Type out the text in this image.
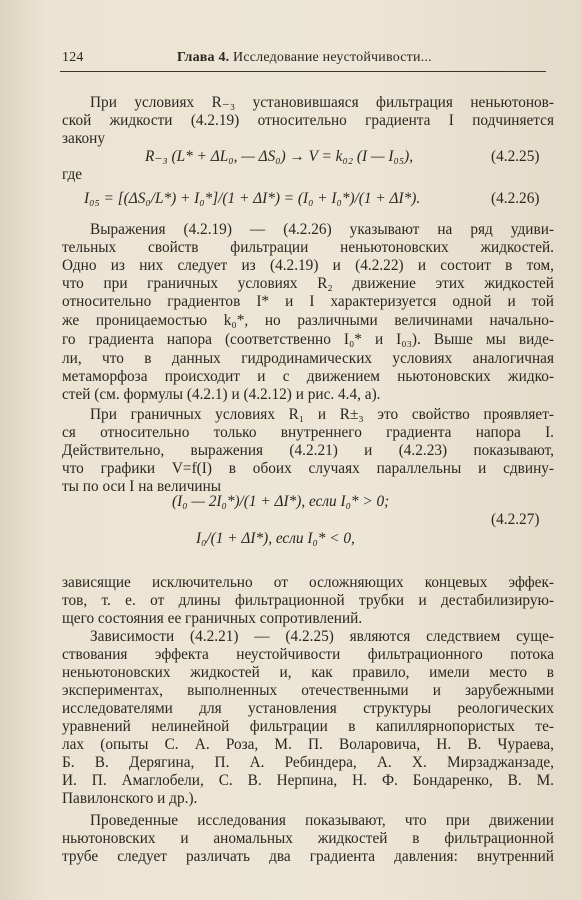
124	Глава 4. Исследование неустойчивости...
При условиях R₋₃ установившаяся фильтрация неньютонов-
ской жидкости (4.2.19) относительно градиента I подчиняется
закону
R₋₃ (L* + ΔL₀, — ΔS₀) → V = k₀₂ (I — I₀₅),	(4.2.25)
где
I₀₅ = [(ΔS₀/L*) + I₀*]/(1 + ΔI*) = (I₀ + I₀*)/(1 + ΔI*).	(4.2.26)
Выражения (4.2.19) — (4.2.26) указывают на ряд удиви-
тельных свойств фильтрации неньютоновских жидкостей.
Одно из них следует из (4.2.19) и (4.2.22) и состоит в том,
что при граничных условиях R₂ движение этих жидкостей
относительно градиентов I* и I характеризуется одной и той
же проницаемостью k₀*, но различными величинами начально-
го градиента напора (соответственно I₀* и I₀₃). Выше мы виде-
ли, что в данных гидродинамических условиях аналогичная
метаморфоза происходит и с движением ньютоновских жидко-
стей (см. формулы (4.2.1) и (4.2.12) и рис. 4.4, а).
При граничных условиях R₁ и R±₃ это свойство проявляет-
ся относительно только внутреннего градиента напора I.
Действительно, выражения (4.2.21) и (4.2.23) показывают,
что графики V=f(I) в обоих случаях параллельны и сдвину-
ты по оси I на величины
(I₀ — 2I₀*)/(1 + ΔI*), если I₀* > 0;
(4.2.27)
I₀/(1 + ΔI*), если I₀* < 0,
зависящие исключительно от осложняющих концевых эффек-
тов, т. е. от длины фильтрационной трубки и дестабилизирую-
щего состояния ее граничных сопротивлений.
Зависимости (4.2.21) — (4.2.25) являются следствием суще-
ствования эффекта неустойчивости фильтрационного потока
неньютоновских жидкостей и, как правило, имели место в
экспериментах, выполненных отечественными и зарубежными
исследователями для установления структуры реологических
уравнений нелинейной фильтрации в капиллярнопористых те-
лах (опыты С. А. Роза, М. П. Воларовича, Н. В. Чураева,
Б. В. Дерягина, П. А. Ребиндера, А. Х. Мирзаджанзаде,
И. П. Амаглобели, С. В. Нерпина, Н. Ф. Бондаренко, В. М.
Павилонского и др.).
Проведенные исследования показывают, что при движении
ньютоновских и аномальных жидкостей в фильтрационной
трубе следует различать два градиента давления: внутренний
